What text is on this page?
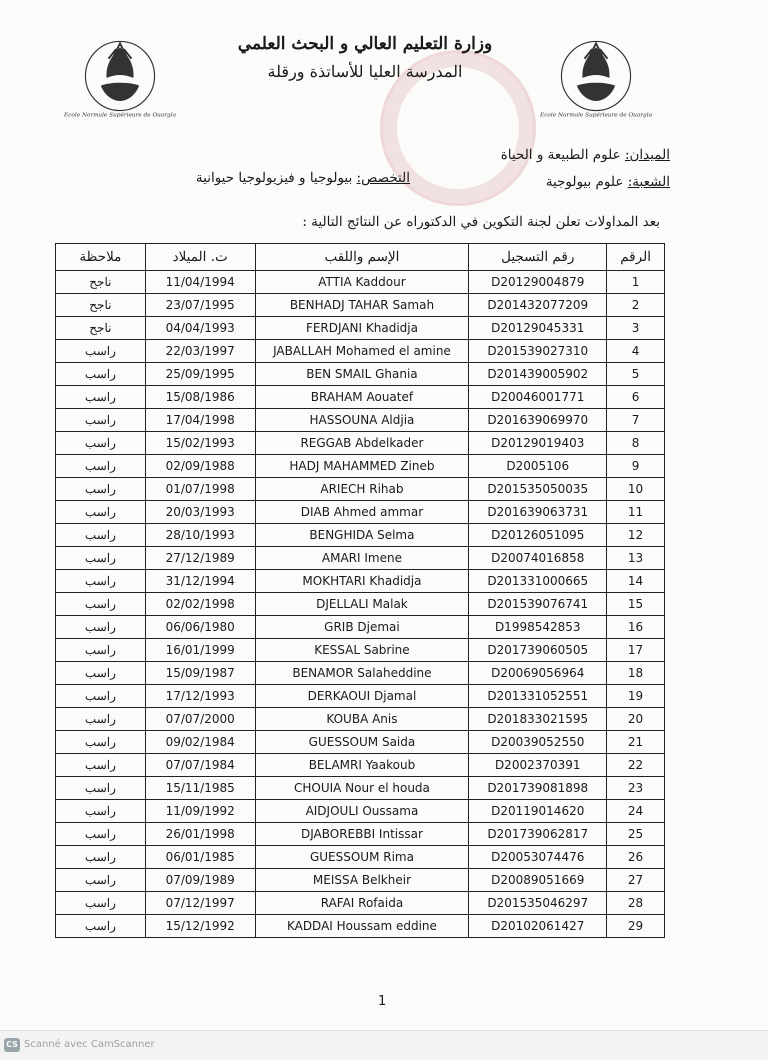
Ecole Normale Supérieure de Ouargla	Ecole Normale Supérieure de Ouargla
وزارة التعليم العالي و البحث العلمي
المدرسة العليا للأساتذة ورقلة
الميدان: علوم الطبيعة و الحياة
الشعبة: علوم بيولوجية
التخصص: بيولوجيا و فيزيولوجيا حيوانية
بعد المداولات تعلن لجنة التكوين في الدكتوراه عن النتائج التالية :
الرقم	رقم التسجيل	الإسم واللقب	ت. الميلاد	ملاحظة
1	D20129004879	ATTIA Kaddour	11/04/1994	ناجح
2	D201432077209	BENHADJ TAHAR Samah	23/07/1995	ناجح
3	D20129045331	FERDJANI Khadidja	04/04/1993	ناجح
4	D201539027310	JABALLAH Mohamed el amine	22/03/1997	راسب
5	D201439005902	BEN SMAIL Ghania	25/09/1995	راسب
6	D20046001771	BRAHAM Aouatef	15/08/1986	راسب
7	D201639069970	HASSOUNA Aldjia	17/04/1998	راسب
8	D20129019403	REGGAB Abdelkader	15/02/1993	راسب
9	D2005106	HADJ MAHAMMED Zineb	02/09/1988	راسب
10	D201535050035	ARIECH Rihab	01/07/1998	راسب
11	D201639063731	DIAB Ahmed ammar	20/03/1993	راسب
12	D20126051095	BENGHIDA Selma	28/10/1993	راسب
13	D20074016858	AMARI Imene	27/12/1989	راسب
14	D201331000665	MOKHTARI Khadidja	31/12/1994	راسب
15	D201539076741	DJELLALI Malak	02/02/1998	راسب
16	D1998542853	GRIB Djemai	06/06/1980	راسب
17	D201739060505	KESSAL Sabrine	16/01/1999	راسب
18	D20069056964	BENAMOR Salaheddine	15/09/1987	راسب
19	D201331052551	DERKAOUI Djamal	17/12/1993	راسب
20	D201833021595	KOUBA Anis	07/07/2000	راسب
21	D20039052550	GUESSOUM Saida	09/02/1984	راسب
22	D2002370391	BELAMRI Yaakoub	07/07/1984	راسب
23	D201739081898	CHOUIA Nour el houda	15/11/1985	راسب
24	D20119014620	AIDJOULI Oussama	11/09/1992	راسب
25	D201739062817	DJABOREBBI Intissar	26/01/1998	راسب
26	D20053074476	GUESSOUM Rima	06/01/1985	راسب
27	D20089051669	MEISSA Belkheir	07/09/1989	راسب
28	D201535046297	RAFAI Rofaida	07/12/1997	راسب
29	D20102061427	KADDAI Houssam eddine	15/12/1992	راسب
1
CS Scanné avec CamScanner
